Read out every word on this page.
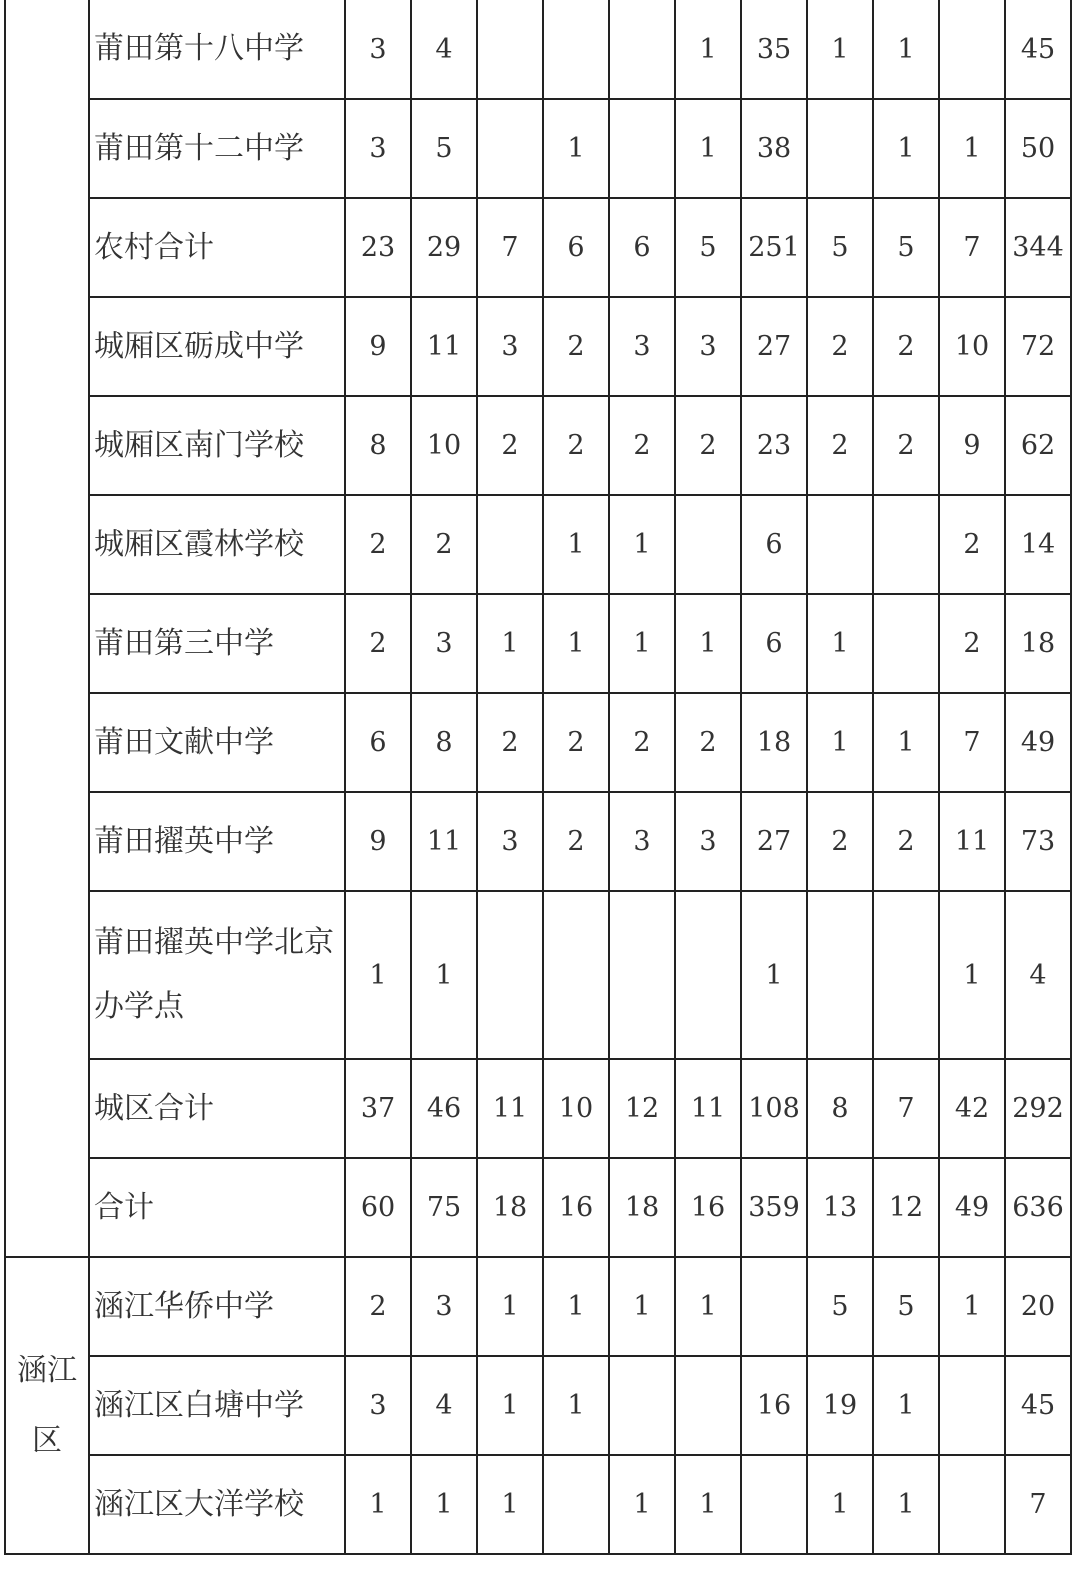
	莆田第十八中学	3	4				1	35	1	1		45
	莆田第十二中学	3	5		1		1	38		1	1	50
	农村合计	23	29	7	6	6	5	251	5	5	7	344
	城厢区砺成中学	9	11	3	2	3	3	27	2	2	10	72
	城厢区南门学校	8	10	2	2	2	2	23	2	2	9	62
	城厢区霞林学校	2	2		1	1		6			2	14
	莆田第三中学	2	3	1	1	1	1	6	1		2	18
	莆田文献中学	6	8	2	2	2	2	18	1	1	7	49
	莆田擢英中学	9	11	3	2	3	3	27	2	2	11	73
	莆田擢英中学北京办学点	1	1					1			1	4
	城区合计	37	46	11	10	12	11	108	8	7	42	292
	合计	60	75	18	16	18	16	359	13	12	49	636
涵江区	涵江华侨中学	2	3	1	1	1	1		5	5	1	20
	涵江区白塘中学	3	4	1	1			16	19	1		45
	涵江区大洋学校	1	1	1		1	1		1	1		7
